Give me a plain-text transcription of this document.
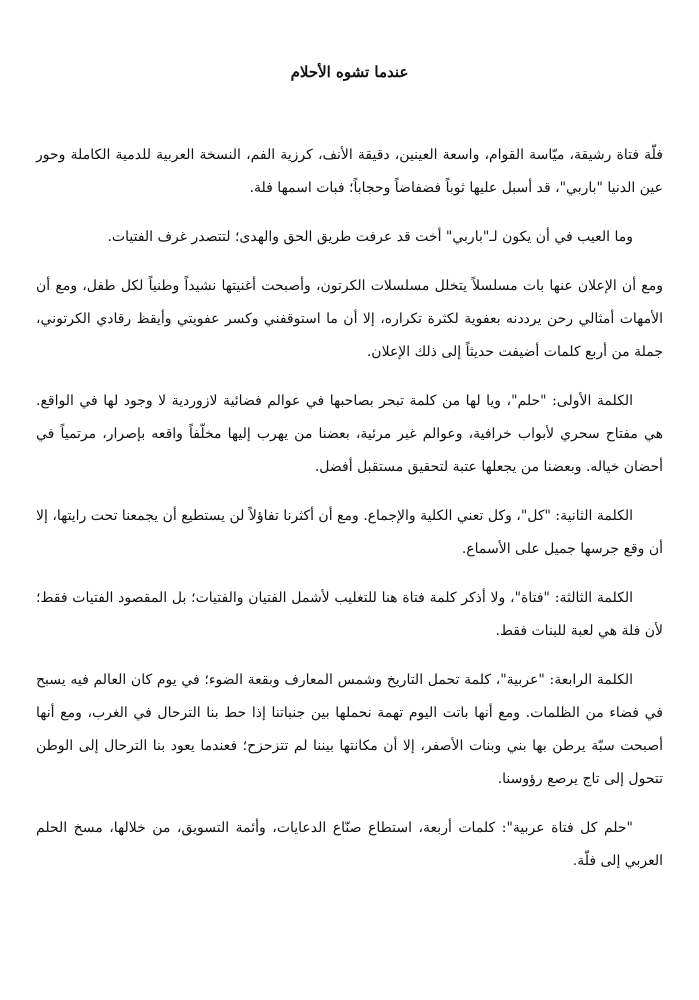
عندما تشوه الأحلام

فلّة فتاة رشيقة، ميّاسة القوام، واسعة العينين، دقيقة الأنف، كرزية الفم، النسخة العربية للدمية الكاملة وحور عين الدنيا "باربي"، قد أسبل عليها ثوباً فضفاضاً وحجاباً؛ فبات اسمها فلة.

وما العيب في أن يكون لـ"باربي" أخت قد عرفت طريق الحق والهدى؛ لتتصدر غرف الفتيات.

ومع أن الإعلان عنها بات مسلسلاً يتخلل مسلسلات الكرتون، وأصبحت أغنيتها نشيداً وطنياً لكل طفل، ومع أن الأمهات أمثالي رحن يرددنه بعفوية لكثرة تكراره، إلا أن ما استوقفني وكسر عفويتي وأيقظ رقادي الكرتوني، جملة من أربع كلمات أضيفت حديثاً إلى ذلك الإعلان.

الكلمة الأولى: "حلم"، ويا لها من كلمة تبحر بصاحبها في عوالم فضائية لازوردية لا وجود لها في الواقع. هي مفتاح سحري لأبواب خرافية، وعوالم غير مرئية، بعضنا من يهرب إليها مخلّفاً واقعه بإصرار، مرتمياً في أحضان خياله. وبعضنا من يجعلها عتبة لتحقيق مستقبل أفضل.

الكلمة الثانية: "كل"، وكل تعني الكلية والإجماع. ومع أن أكثرنا تفاؤلاً لن يستطيع أن يجمعنا تحت رايتها، إلا أن وقع جرسها جميل على الأسماع.

الكلمة الثالثة: "فتاة"، ولا أذكر كلمة فتاة هنا للتغليب لأشمل الفتيان والفتيات؛ بل المقصود الفتيات فقط؛ لأن فلة هي لعبة للبنات فقط.

الكلمة الرابعة: "عربية"، كلمة تحمل التاريخ وشمس المعارف وبقعة الضوء؛ في يوم كان العالم فيه يسبح في فضاء من الظلمات. ومع أنها باتت اليوم تهمة نحملها بين جنباتنا إذا حط بنا الترحال في الغرب، ومع أنها أصبحت سبّة يرطن بها بني وبنات الأصفر، إلا أن مكانتها بيننا لم تتزحزح؛ فعندما يعود بنا الترحال إلى الوطن تتحول إلى تاج يرصع رؤوسنا.

"حلم كل فتاة عربية": كلمات أربعة، استطاع صنّاع الدعايات، وأئمة التسويق، من خلالها، مسخ الحلم العربي إلى فلّة.
